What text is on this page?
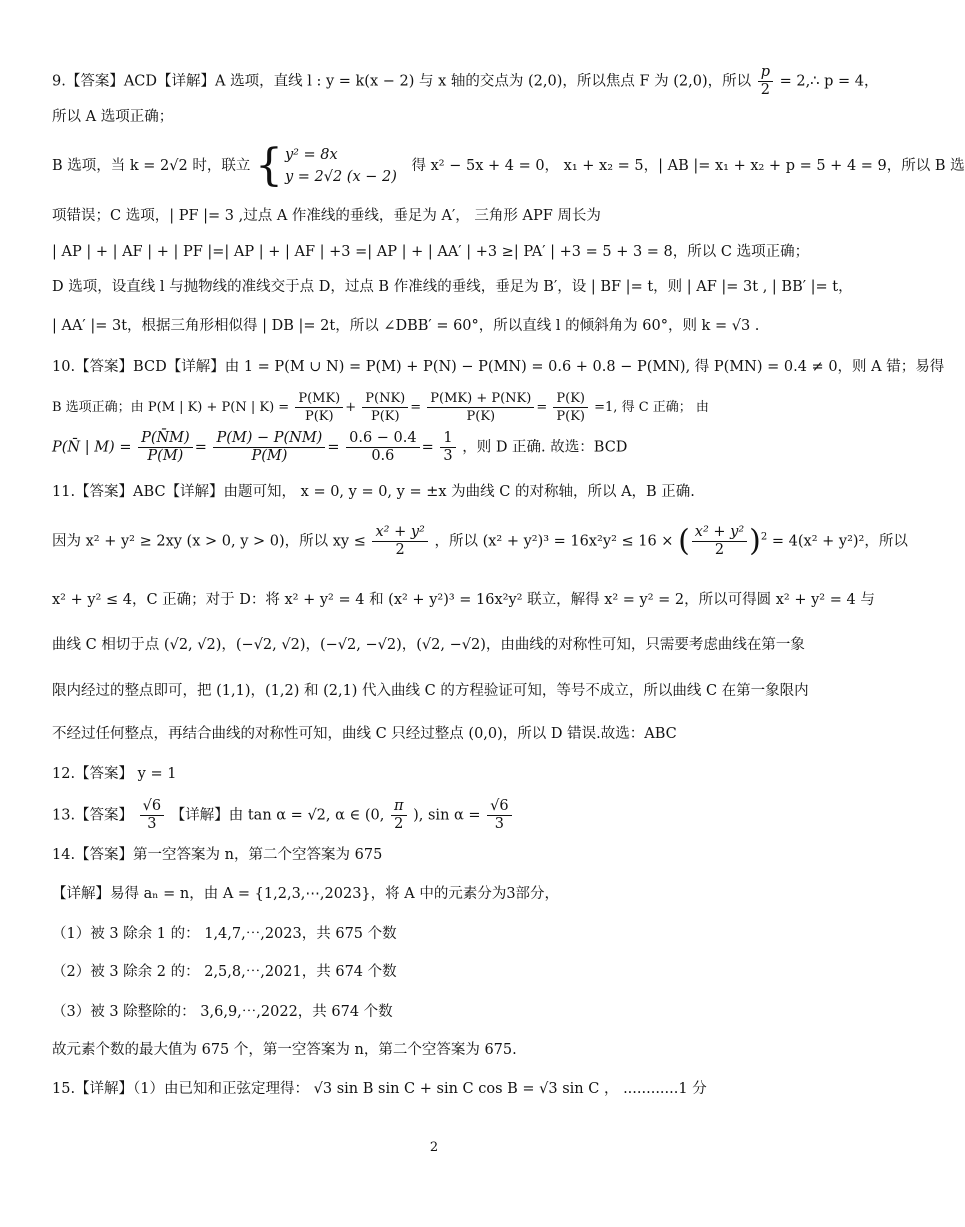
9.【答案】ACD【详解】A 选项，直线 l : y = k(x − 2) 与 x 轴的交点为 (2,0)，所以焦点 F 为 (2,0)，所以 $\frac{p}{2}$ = 2,∴ p = 4，
所以 A 选项正确；
B 选项，当 k = 2√2 时，联立 { y² = 8x
y = 2√2 (x − 2)
得 x² − 5x + 4 = 0， x₁ + x₂ = 5，| AB |= x₁ + x₂ + p = 5 + 4 = 9，所以 B 选
项错误；C 选项，| PF |= 3 ,过点 A 作准线的垂线，垂足为 A′， 三角形 APF 周长为
| AP | + | AF | + | PF |=| AP | + | AF | +3 =| AP | + | AA′ | +3 ≥| PA′ | +3 = 5 + 3 = 8，所以 C 选项正确；
D 选项，设直线 l 与抛物线的准线交于点 D，过点 B 作准线的垂线，垂足为 B′，设 | BF |= t，则 | AF |= 3t , | BB′ |= t，
| AA′ |= 3t，根据三角形相似得 | DB |= 2t，所以 ∠DBB′ = 60°，所以直线 l 的倾斜角为 60°，则 k = √3 .
10.【答案】BCD【详解】由 1 = P(M ∪ N) = P(M) + P(N) − P(MN) = 0.6 + 0.8 − P(MN), 得 P(MN) = 0.4 ≠ 0，则 A 错；易得
B 选项正确；由 P(M | K) + P(N | $K) = \frac{P(MK)}{P(K)} + \frac{P(NK)}{P(K)} = \frac{P(MK) + P(NK)}{P(K)} = \frac{P(K)}{P(K)} =1$, 得 C 正确； 由
P(N̄ | $M) = \frac{P(N̄M)}{P(M)} = \frac{P(M) - P(NM)}{P(M)} = \frac{0.6 - 0.4}{0.6} = \frac{1}{3}$ ，则 D 正确. 故选：BCD
11.【答案】ABC【详解】由题可知， x = 0, y = 0, y = ±x 为曲线 C 的对称轴，所以 A，B 正确.
因为 x² + y² ≥ 2xy (x > 0, y > 0)，所以 xy ≤ $\frac{\text{x² + y²}}{2}$ ，所以 (x² + y²)³ = 16x²y² ≤ 16 × ( $\frac{\text{x² + y²}}{2} )^2 = 4(x^2 + y^2)^2$，所以
x² + y² ≤ 4，C 正确；对于 D：将 x² + y² = 4 和 (x² + y²)³ = 16x²y² 联立，解得 x² = y² = 2，所以可得圆 x² + y² = 4 与
曲线 C 相切于点 (√2, √2)，(−√2, √2)，(−√2, −√2)，(√2, −√2)，由曲线的对称性可知，只需要考虑曲线在第一象
限内经过的整点即可，把 (1,1)，(1,2) 和 (2,1) 代入曲线 C 的方程验证可知，等号不成立，所以曲线 C 在第一象限内
不经过任何整点，再结合曲线的对称性可知，曲线 C 只经过整点 (0,0)，所以 D 错误.故选：ABC
12.【答案】 y = 1
13.【答案】 $\frac{√6}{3}$ 【详解】由 tan α = √2, α ∈ (0, $\frac{\pi}{2}$ ), $\sin \alpha = \frac{√6}{3}$
14.【答案】第一空答案为 n，第二个空答案为 675
【详解】易得 aₙ = n，由 A = {1,2,3,⋯,2023}，将 A 中的元素分为3部分，
（1）被 3 除余 1 的： 1,4,7,⋯,2023，共 675 个数
（2）被 3 除余 2 的： 2,5,8,⋯,2021，共 674 个数
（3）被 3 除整除的： 3,6,9,⋯,2022，共 674 个数
故元素个数的最大值为 675 个，第一空答案为 n，第二个空答案为 675.
15.【详解】（1）由已知和正弦定理得： √3 sin B sin C + sin C cos B = √3 sin C ， ............1 分
2
